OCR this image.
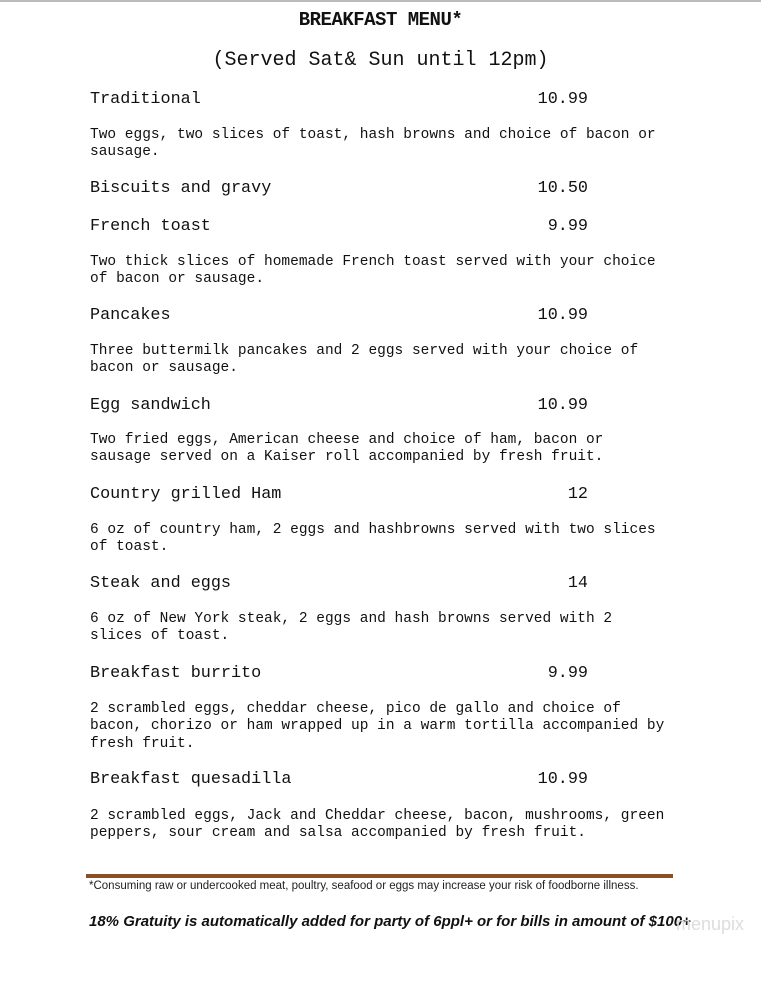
BREAKFAST MENU*
(Served Sat& Sun until 12pm)
Traditional	10.99
Two eggs, two slices of toast, hash browns and choice of bacon or
sausage.
Biscuits and gravy	10.50
French toast	9.99
Two thick slices of homemade French toast served with your choice
of bacon or sausage.
Pancakes	10.99
Three buttermilk pancakes and 2 eggs served with your choice of
bacon or sausage.
Egg sandwich	10.99
Two fried eggs, American cheese and choice of ham, bacon or
sausage served on a Kaiser roll accompanied by fresh fruit.
Country grilled Ham	12
6 oz of country ham, 2 eggs and hashbrowns served with two slices
of toast.
Steak and eggs	14
6 oz of New York steak, 2 eggs and hash browns served with 2
slices of toast.
Breakfast burrito	9.99
2 scrambled eggs, cheddar cheese, pico de gallo and choice of
bacon, chorizo or ham wrapped up in a warm tortilla accompanied by
fresh fruit.
Breakfast quesadilla	10.99
2 scrambled eggs, Jack and Cheddar cheese, bacon, mushrooms, green
peppers, sour cream and salsa accompanied by fresh fruit.
*Consuming raw or undercooked meat, poultry, seafood or eggs may increase your risk of foodborne illness.
18% Gratuity is automatically added for party of 6ppl+ or for bills in amount of $100+
menupix
